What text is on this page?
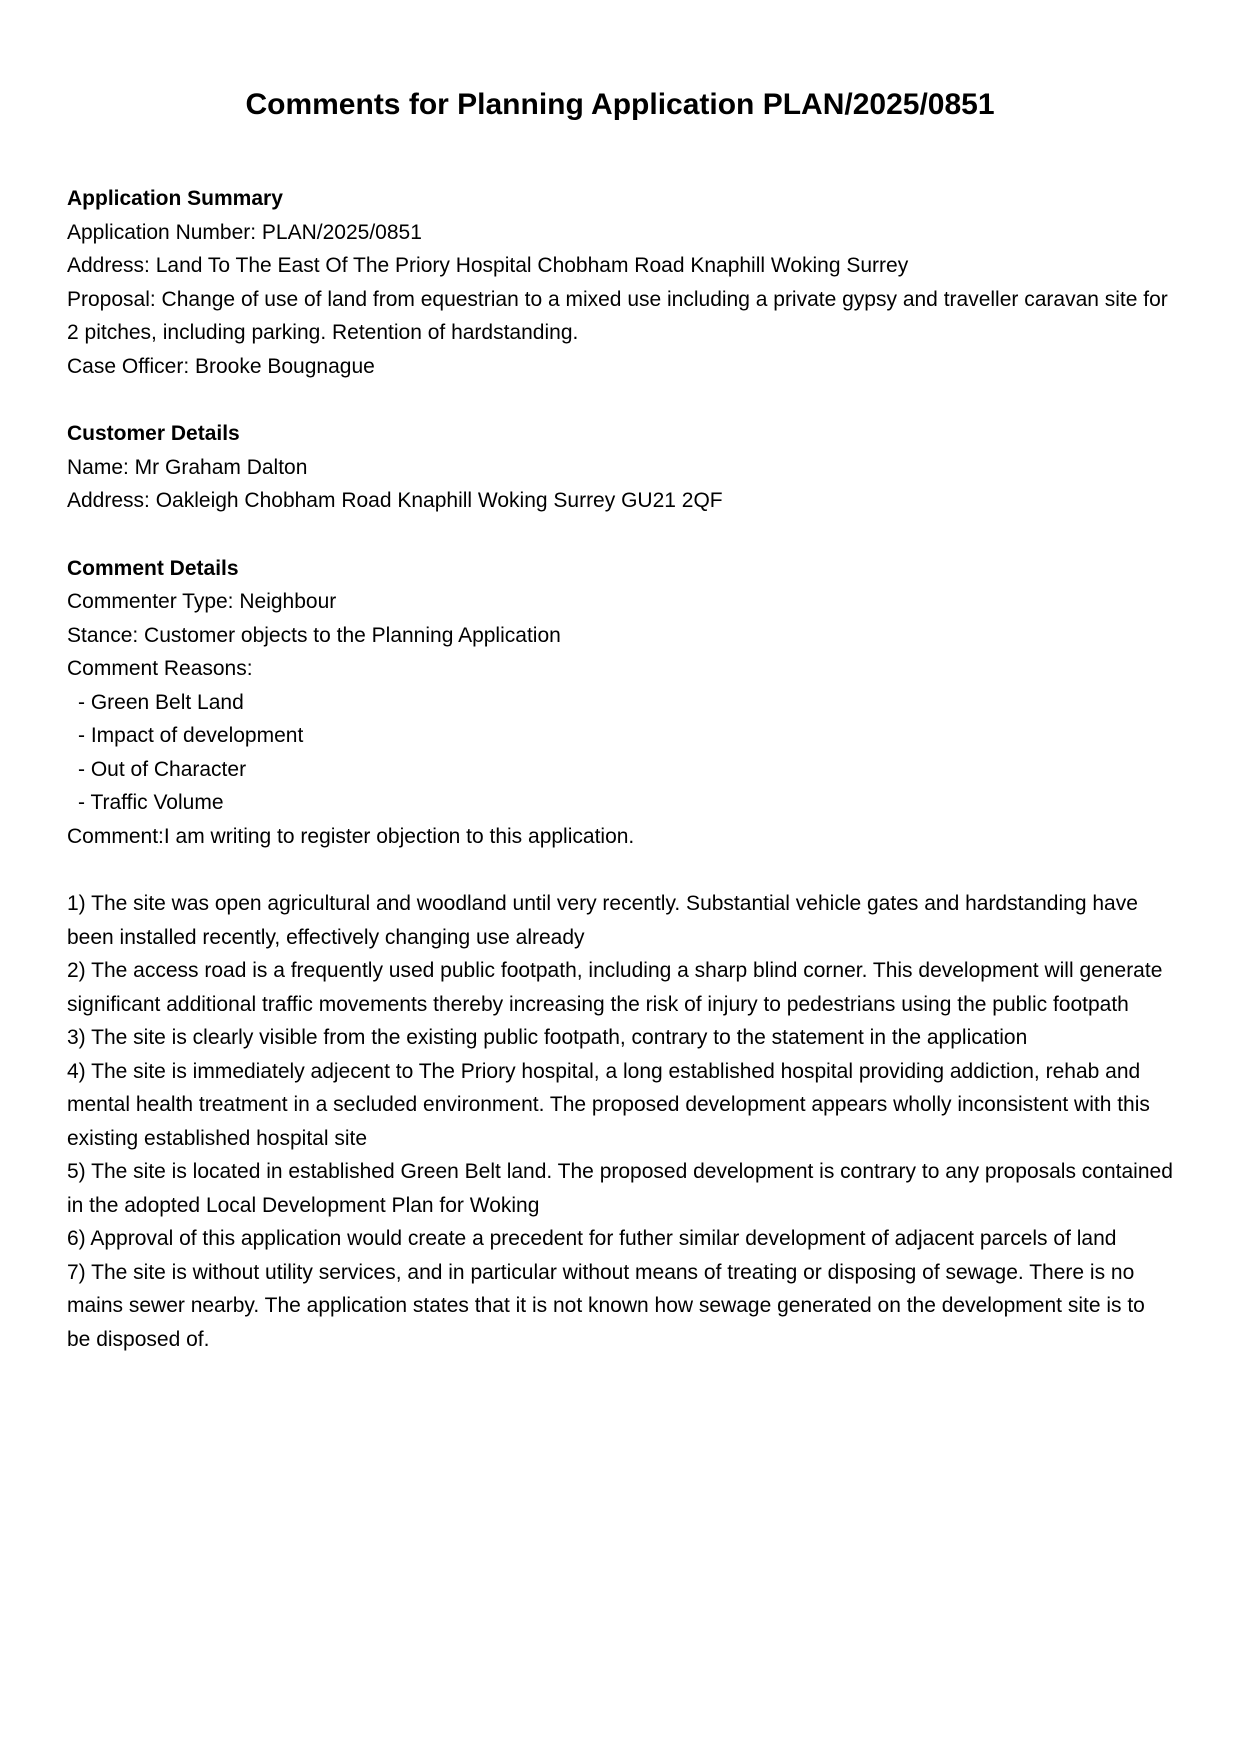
Comments for Planning Application PLAN/2025/0851

Application Summary

Application Number: PLAN/2025/0851

Address: Land To The East Of The Priory Hospital Chobham Road Knaphill Woking Surrey

Proposal: Change of use of land from equestrian to a mixed use including a private gypsy and traveller caravan site for 2 pitches, including parking. Retention of hardstanding.

Case Officer: Brooke Bougnague

Customer Details

Name: Mr Graham Dalton

Address: Oakleigh Chobham Road Knaphill Woking Surrey GU21 2QF

Comment Details

Commenter Type: Neighbour

Stance: Customer objects to the Planning Application

Comment Reasons:

- Green Belt Land

- Impact of development

- Out of Character

- Traffic Volume

Comment:I am writing to register objection to this application.

1) The site was open agricultural and woodland until very recently. Substantial vehicle gates and hardstanding have been installed recently, effectively changing use already

2) The access road is a frequently used public footpath, including a sharp blind corner. This development will generate significant additional traffic movements thereby increasing the risk of injury to pedestrians using the public footpath

3) The site is clearly visible from the existing public footpath, contrary to the statement in the application

4) The site is immediately adjecent to The Priory hospital, a long established hospital providing addiction, rehab and mental health treatment in a secluded environment. The proposed development appears wholly inconsistent with this existing established hospital site

5) The site is located in established Green Belt land. The proposed development is contrary to any proposals contained in the adopted Local Development Plan for Woking

6) Approval of this application would create a precedent for futher similar development of adjacent parcels of land

7) The site is without utility services, and in particular without means of treating or disposing of sewage. There is no mains sewer nearby. The application states that it is not known how sewage generated on the development site is to be disposed of.
